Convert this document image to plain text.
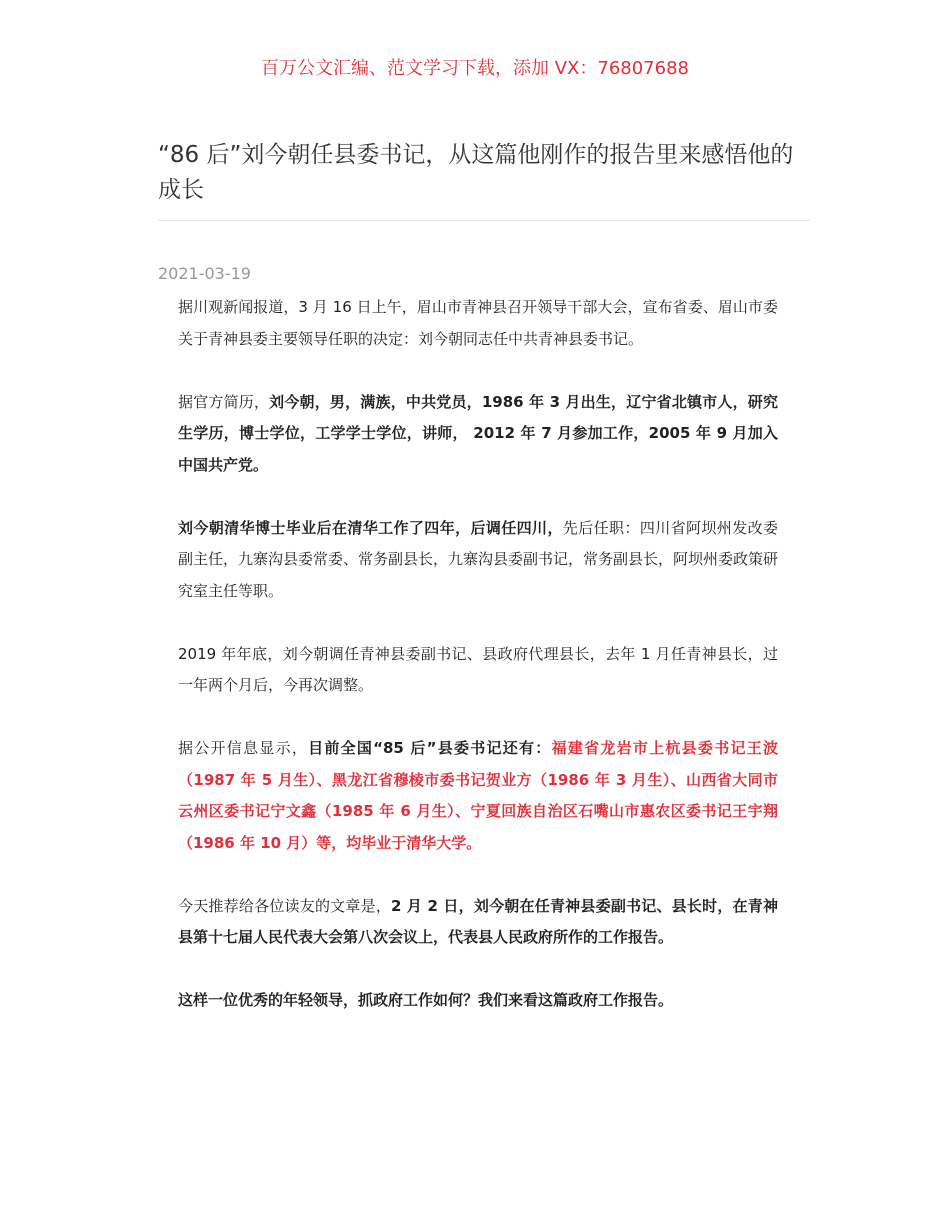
百万公文汇编、范文学习下载，添加 VX：76807688
“86 后”刘今朝任县委书记，从这篇他刚作的报告里来感悟他的成长
2021-03-19

据川观新闻报道，3 月 16 日上午，眉山市青神县召开领导干部大会，宣布省委、眉山市委关于青神县委主要领导任职的决定：刘今朝同志任中共青神县委书记。

据官方简历，刘今朝，男，满族，中共党员，1986 年 3 月出生，辽宁省北镇市人，研究生学历，博士学位，工学学士学位，讲师， 2012 年 7 月参加工作，2005 年 9 月加入中国共产党。

刘今朝清华博士毕业后在清华工作了四年，后调任四川，先后任职：四川省阿坝州发改委副主任，九寨沟县委常委、常务副县长，九寨沟县委副书记，常务副县长，阿坝州委政策研究室主任等职。

2019 年年底，刘今朝调任青神县委副书记、县政府代理县长，去年 1 月任青神县长，过一年两个月后，今再次调整。

据公开信息显示，目前全国“85 后”县委书记还有：福建省龙岩市上杭县委书记王波（1987 年 5 月生）、黑龙江省穆棱市委书记贺业方（1986 年 3 月生）、山西省大同市云州区委书记宁文鑫（1985 年 6 月生）、宁夏回族自治区石嘴山市惠农区委书记王宇翔（1986 年 10 月）等，均毕业于清华大学。

今天推荐给各位读友的文章是，2 月 2 日，刘今朝在任青神县委副书记、县长时，在青神县第十七届人民代表大会第八次会议上，代表县人民政府所作的工作报告。

这样一位优秀的年轻领导，抓政府工作如何？我们来看这篇政府工作报告。
